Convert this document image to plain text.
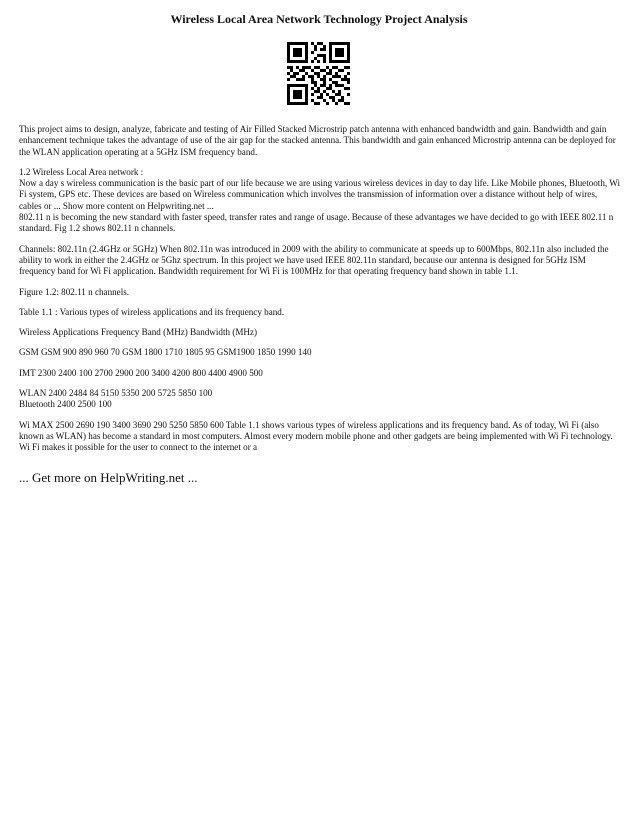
Wireless Local Area Network Technology Project Analysis

This project aims to design, analyze, fabricate and testing of Air Filled Stacked Microstrip patch antenna with enhanced bandwidth and gain. Bandwidth and gain enhancement technique takes the advantage of use of the air gap for the stacked antenna. This bandwidth and gain enhanced Microstrip antenna can be deployed for the WLAN application operating at a 5GHz ISM frequency band.

1.2 Wireless Local Area network :
Now a day s wireless communication is the basic part of our life because we are using various wireless devices in day to day life. Like Mobile phones, Bluetooth, Wi Fi system, GPS etc. These devices are based on Wireless communication which involves the transmission of information over a distance without help of wires, cables or ... Show more content on Helpwriting.net ...
802.11 n is becoming the new standard with faster speed, transfer rates and range of usage. Because of these advantages we have decided to go with IEEE 802.11 n standard. Fig 1.2 shows 802.11 n channels.

Channels: 802.11n (2.4GHz or 5GHz) When 802.11n was introduced in 2009 with the ability to communicate at speeds up to 600Mbps, 802.11n also included the ability to work in either the 2.4GHz or 5Ghz spectrum. In this project we have used IEEE 802.11n standard, because our antenna is designed for 5GHz ISM frequency band for Wi Fi application. Bandwidth requirement for Wi Fi is 100MHz for that operating frequency band shown in table 1.1.

Figure 1.2: 802.11 n channels.

Table 1.1 : Various types of wireless applications and its frequency band.

Wireless Applications Frequency Band (MHz) Bandwidth (MHz)

GSM GSM 900 890 960 70 GSM 1800 1710 1805 95 GSM1900 1850 1990 140

IMT 2300 2400 100 2700 2900 200 3400 4200 800 4400 4900 500

WLAN 2400 2484 84 5150 5350 200 5725 5850 100
Bluetooth 2400 2500 100

Wi MAX 2500 2690 190 3400 3690 290 5250 5850 600 Table 1.1 shows various types of wireless applications and its frequency band. As of today, Wi Fi (also known as WLAN) has become a standard in most computers. Almost every modern mobile phone and other gadgets are being implemented with Wi Fi technology. Wi Fi makes it possible for the user to connect to the internet or a

... Get more on HelpWriting.net ...
